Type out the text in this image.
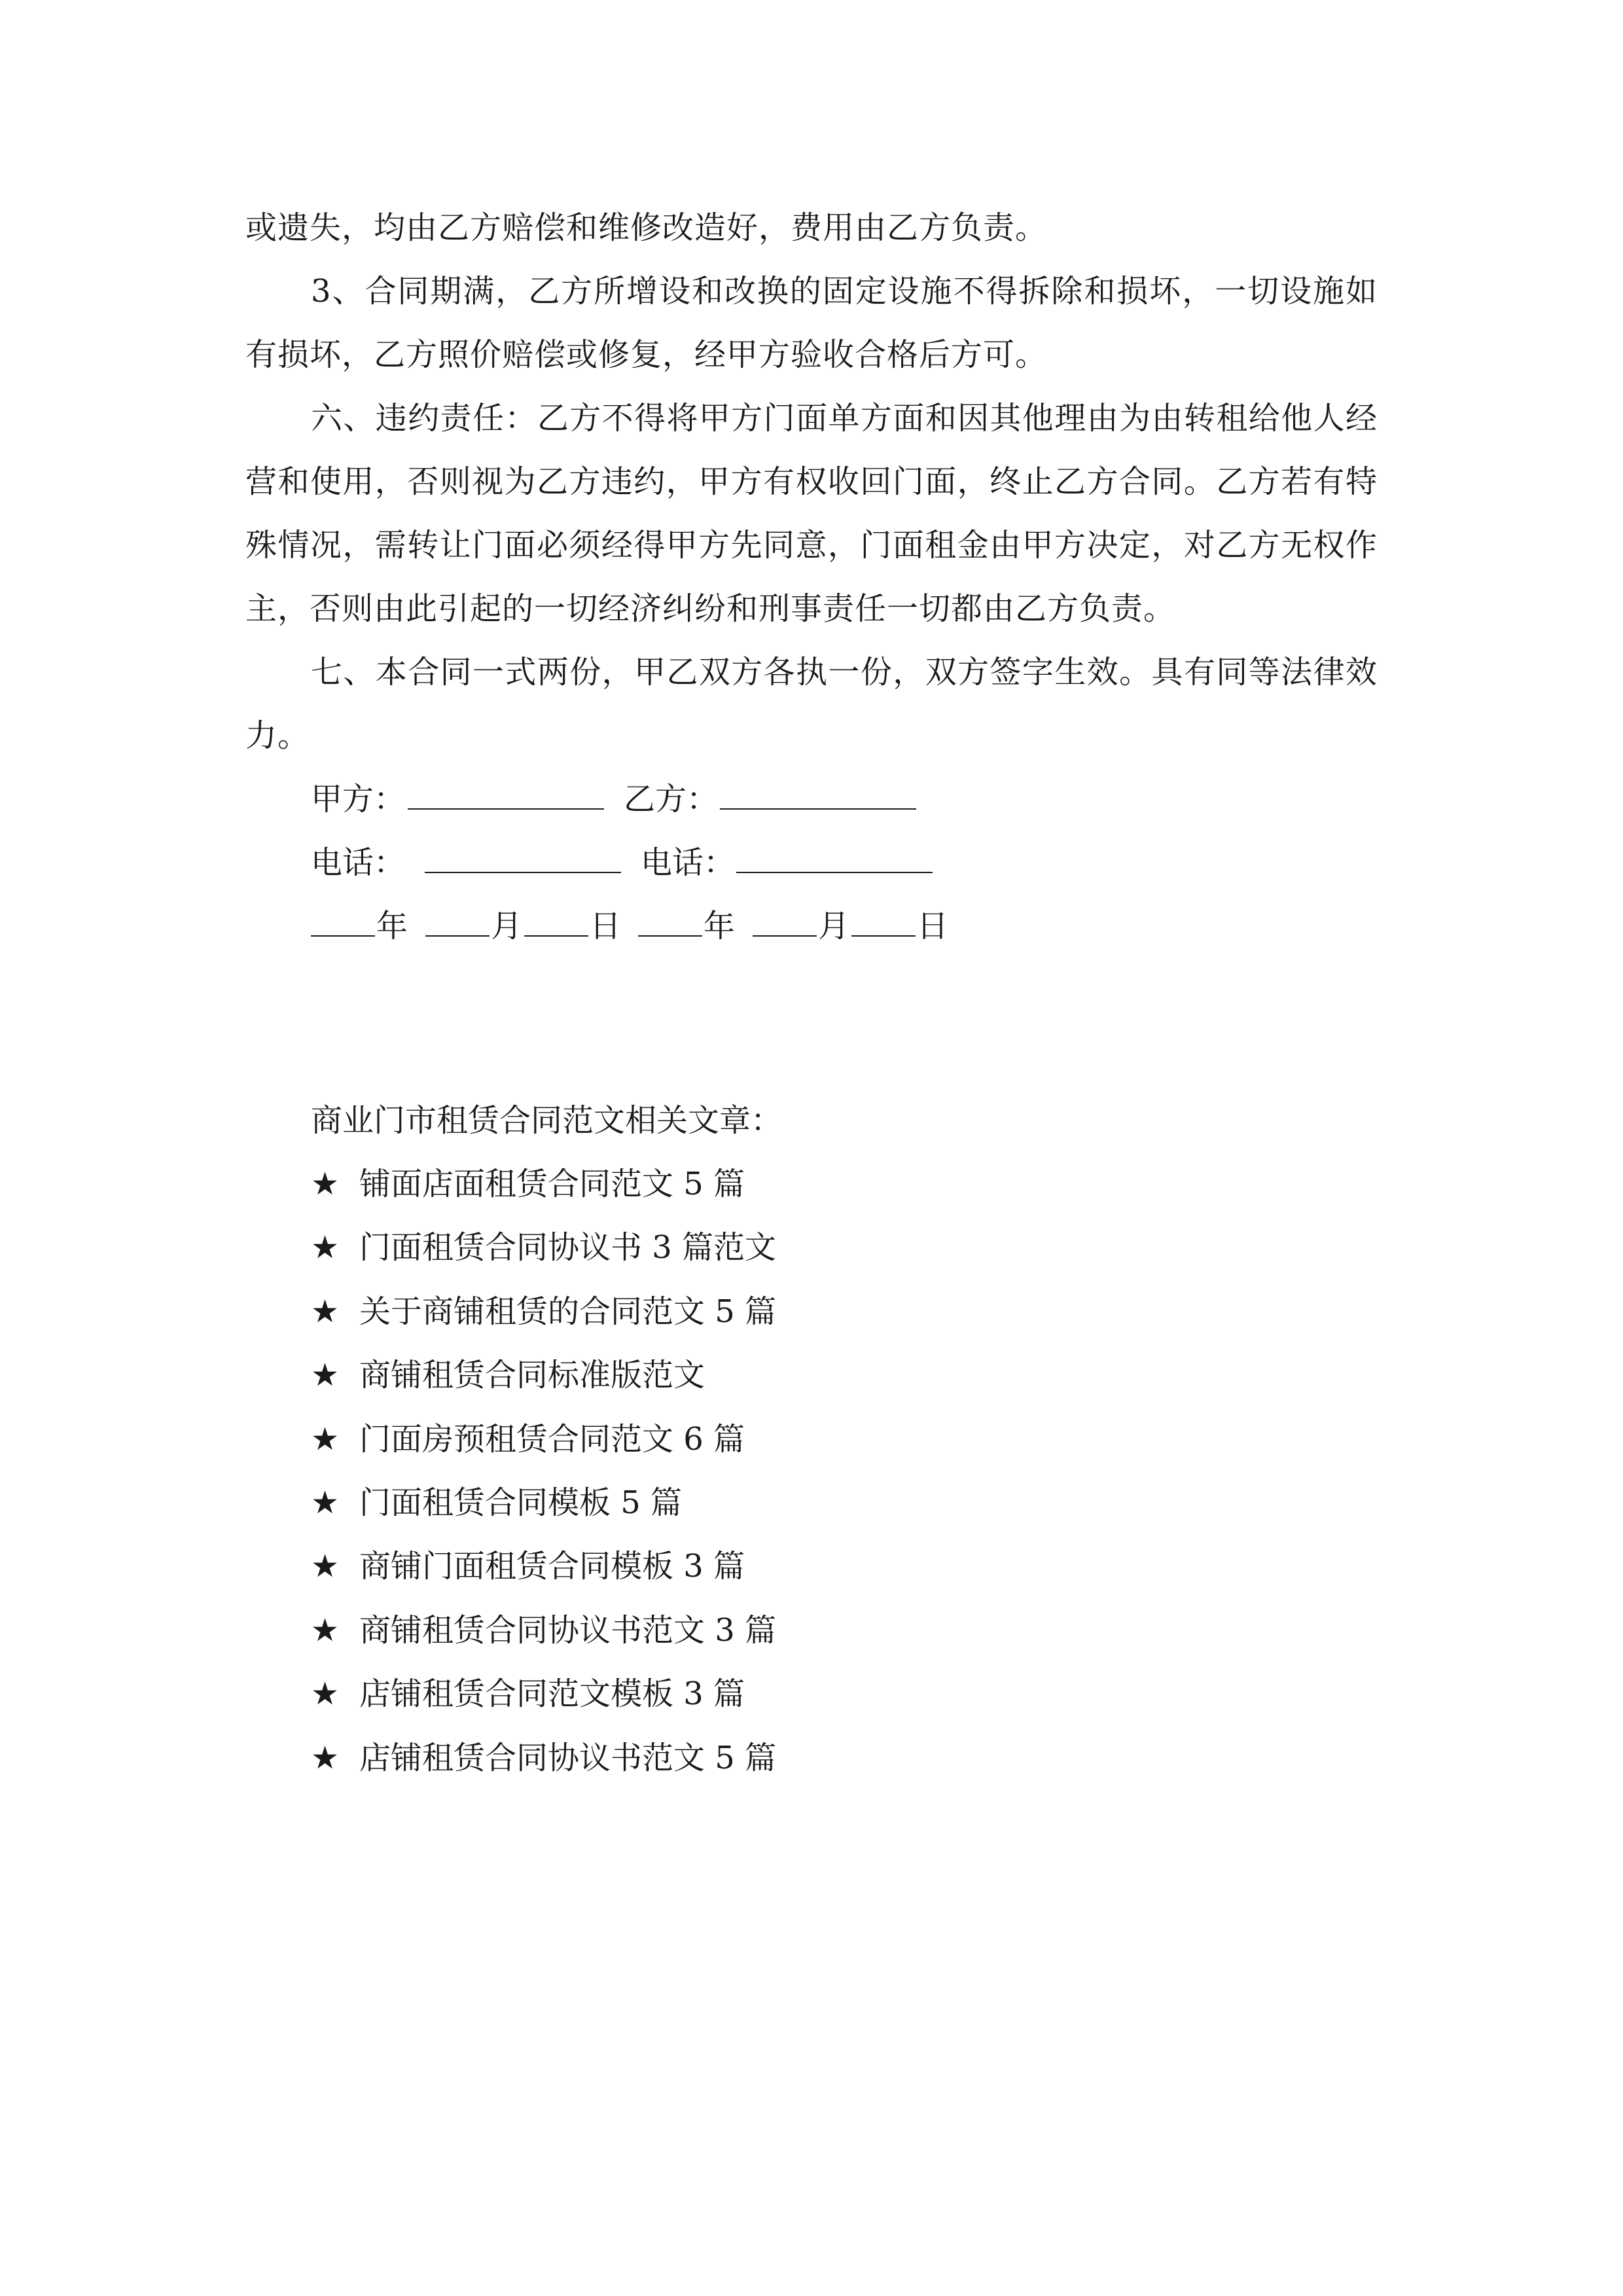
或遗失，均由乙方赔偿和维修改造好，费用由乙方负责。

3、合同期满，乙方所增设和改换的固定设施不得拆除和损坏，一切设施如有损坏，乙方照价赔偿或修复，经甲方验收合格后方可。

六、违约责任：乙方不得将甲方门面单方面和因其他理由为由转租给他人经营和使用，否则视为乙方违约，甲方有权收回门面，终止乙方合同。乙方若有特殊情况，需转让门面必须经得甲方先同意，门面租金由甲方决定，对乙方无权作主，否则由此引起的一切经济纠纷和刑事责任一切都由乙方负责。

七、本合同一式两份，甲乙双方各执一份，双方签字生效。具有同等法律效力。

甲方：	乙方：
电话：	电话：
年	月 日	年	月 日

商业门市租赁合同范文相关文章：

★ 铺面店面租赁合同范文 5 篇
★ 门面租赁合同协议书 3 篇范文
★ 关于商铺租赁的合同范文 5 篇
★ 商铺租赁合同标准版范文
★ 门面房预租赁合同范文 6 篇
★ 门面租赁合同模板 5 篇
★ 商铺门面租赁合同模板 3 篇
★ 商铺租赁合同协议书范文 3 篇
★ 店铺租赁合同范文模板 3 篇
★ 店铺租赁合同协议书范文 5 篇
